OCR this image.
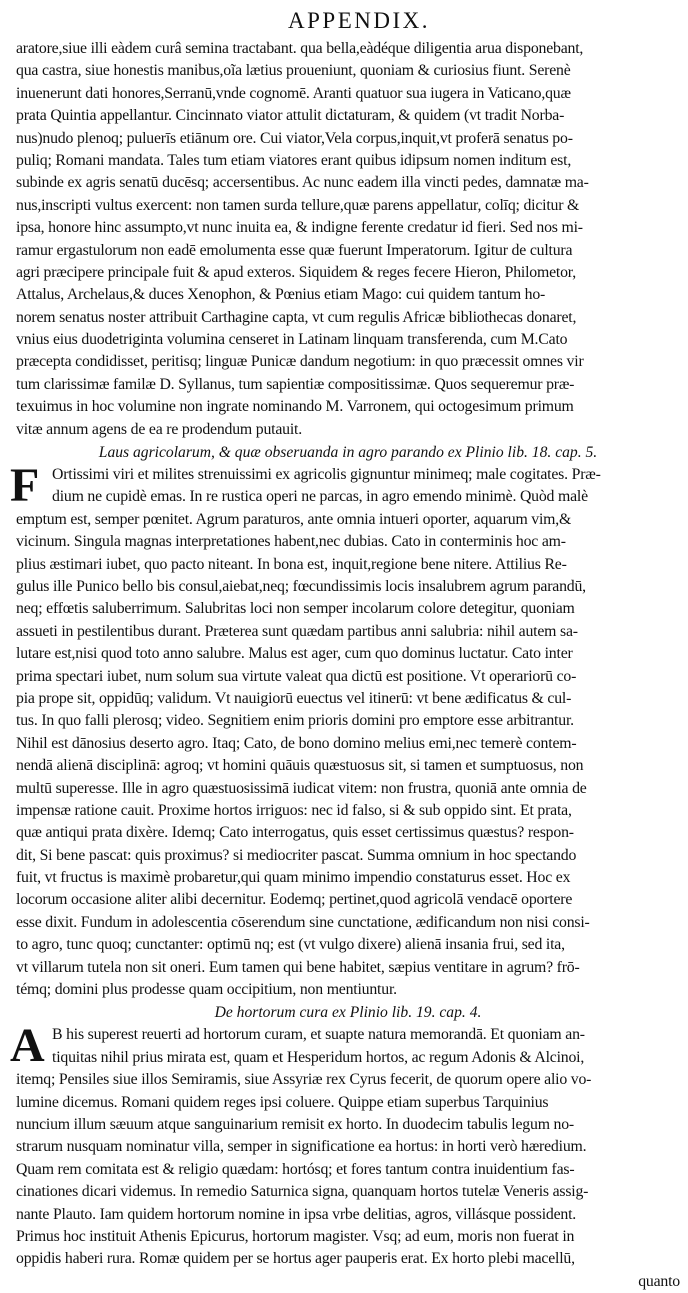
APPENDIX.
aratore,siue illi eàdem curâ semina tractabant. qua bella,eàdéque diligentia arua disponebant,
qua castra, siue honestis manibus,oĩa lætius proueniunt, quoniam & curiosius fiunt. Serenè
inuenerunt dati honores,Serranū,vnde cognomē. Aranti quatuor sua iugera in Vaticano,quæ
prata Quintia appellantur. Cincinnato viator attulit dictaturam, & quidem (vt tradit Norba-
nus)nudo plenoq; puluerīs etiānum ore. Cui viator,Vela corpus,inquit,vt proferā senatus po-
puliq; Romani mandata. Tales tum etiam viatores erant quibus idipsum nomen inditum est,
subinde ex agris senatū ducēsq; accersentibus. Ac nunc eadem illa vincti pedes, damnatæ ma-
nus,inscripti vultus exercent: non tamen surda tellure,quæ parens appellatur, colīq; dicitur &
ipsa, honore hinc assumpto,vt nunc inuita ea, & indigne ferente credatur id fieri. Sed nos mi-
ramur ergastulorum non eadē emolumenta esse quæ fuerunt Imperatorum. Igitur de cultura
agri præcipere principale fuit & apud exteros. Siquidem & reges fecere Hieron, Philometor,
Attalus, Archelaus,& duces Xenophon, & Pœnius etiam Mago: cui quidem tantum ho-
norem senatus noster attribuit Carthagine capta, vt cum regulis Africæ bibliothecas donaret,
vnius eius duodetriginta volumina censeret in Latinam linquam transferenda, cum M.Cato
præcepta condidisset, peritisq; linguæ Punicæ dandum negotium: in quo præcessit omnes vir
tum clarissimæ familæ D. Syllanus, tum sapientiæ compositissimæ. Quos sequeremur præ-
texuimus in hoc volumine non ingrate nominando M. Varronem, qui octogesimum primum
vitæ annum agens de ea re prodendum putauit.
Laus agricolarum, & quæ obseruanda in agro parando ex Plinio lib. 18. cap. 5.
F Ortissimi viri et milites strenuissimi ex agricolis gignuntur minimeq; male cogitates. Præ-
dium ne cupidè emas. In re rustica operi ne parcas, in agro emendo minimè. Quòd malè
emptum est, semper pœnitet. Agrum paraturos, ante omnia intueri oporter, aquarum vim,&
vicinum. Singula magnas interpretationes habent,nec dubias. Cato in conterminis hoc am-
plius æstimari iubet, quo pacto niteant. In bona est, inquit,regione bene nitere. Attilius Re-
gulus ille Punico bello bis consul,aiebat,neq; fœcundissimis locis insalubrem agrum parandū,
neq; effœtis saluberrimum. Salubritas loci non semper incolarum colore detegitur, quoniam
assueti in pestilentibus durant. Præterea sunt quædam partibus anni salubria: nihil autem sa-
lutare est,nisi quod toto anno salubre. Malus est ager, cum quo dominus luctatur. Cato inter
prima spectari iubet, num solum sua virtute valeat qua dictū est positione. Vt operariorū co-
pia prope sit, oppidūq; validum. Vt nauigiorū euectus vel itinerū: vt bene ædificatus & cul-
tus. In quo falli plerosq; video. Segnitiem enim prioris domini pro emptore esse arbitrantur.
Nihil est dānosius deserto agro. Itaq; Cato, de bono domino melius emi,nec temerè contem-
nendā alienā disciplinā: agroq; vt homini quāuis quæstuosus sit, si tamen et sumptuosus, non
multū superesse. Ille in agro quæstuosissimā iudicat vitem: non frustra, quoniā ante omnia de
impensæ ratione cauit. Proxime hortos irriguos: nec id falso, si & sub oppido sint. Et prata,
quæ antiqui prata dixère. Idemq; Cato interrogatus, quis esset certissimus quæstus? respon-
dit, Si bene pascat: quis proximus? si mediocriter pascat. Summa omnium in hoc spectando
fuit, vt fructus is maximè probaretur,qui quam minimo impendio constaturus esset. Hoc ex
locorum occasione aliter alibi decernitur. Eodemq; pertinet,quod agricolā vendacē oportere
esse dixit. Fundum in adolescentia cōserendum sine cunctatione, ædificandum non nisi consi-
to agro, tunc quoq; cunctanter: optimū nq; est (vt vulgo dixere) alienā insania frui, sed ita,
vt villarum tutela non sit oneri. Eum tamen qui bene habitet, sæpius ventitare in agrum? frō-
témq; domini plus prodesse quam occipitium, non mentiuntur.
De hortorum cura ex Plinio lib. 19. cap. 4.
A B his superest reuerti ad hortorum curam, et suapte natura memorandā. Et quoniam an-
tiquitas nihil prius mirata est, quam et Hesperidum hortos, ac regum Adonis & Alcinoi,
itemq; Pensiles siue illos Semiramis, siue Assyriæ rex Cyrus fecerit, de quorum opere alio vo-
lumine dicemus. Romani quidem reges ipsi coluere. Quippe etiam superbus Tarquinius
nuncium illum sæuum atque sanguinarium remisit ex horto. In duodecim tabulis legum no-
strarum nusquam nominatur villa, semper in significatione ea hortus: in horti verò hæredium.
Quam rem comitata est & religio quædam: hortósq; et fores tantum contra inuidentium fas-
cinationes dicari videmus. In remedio Saturnica signa, quanquam hortos tutelæ Veneris assig-
nante Plauto. Iam quidem hortorum nomine in ipsa vrbe delitias, agros, villásque possident.
Primus hoc instituit Athenis Epicurus, hortorum magister. Vsq; ad eum, moris non fuerat in
oppidis haberi rura. Romæ quidem per se hortus ager pauperis erat. Ex horto plebi macellū,
quanto
